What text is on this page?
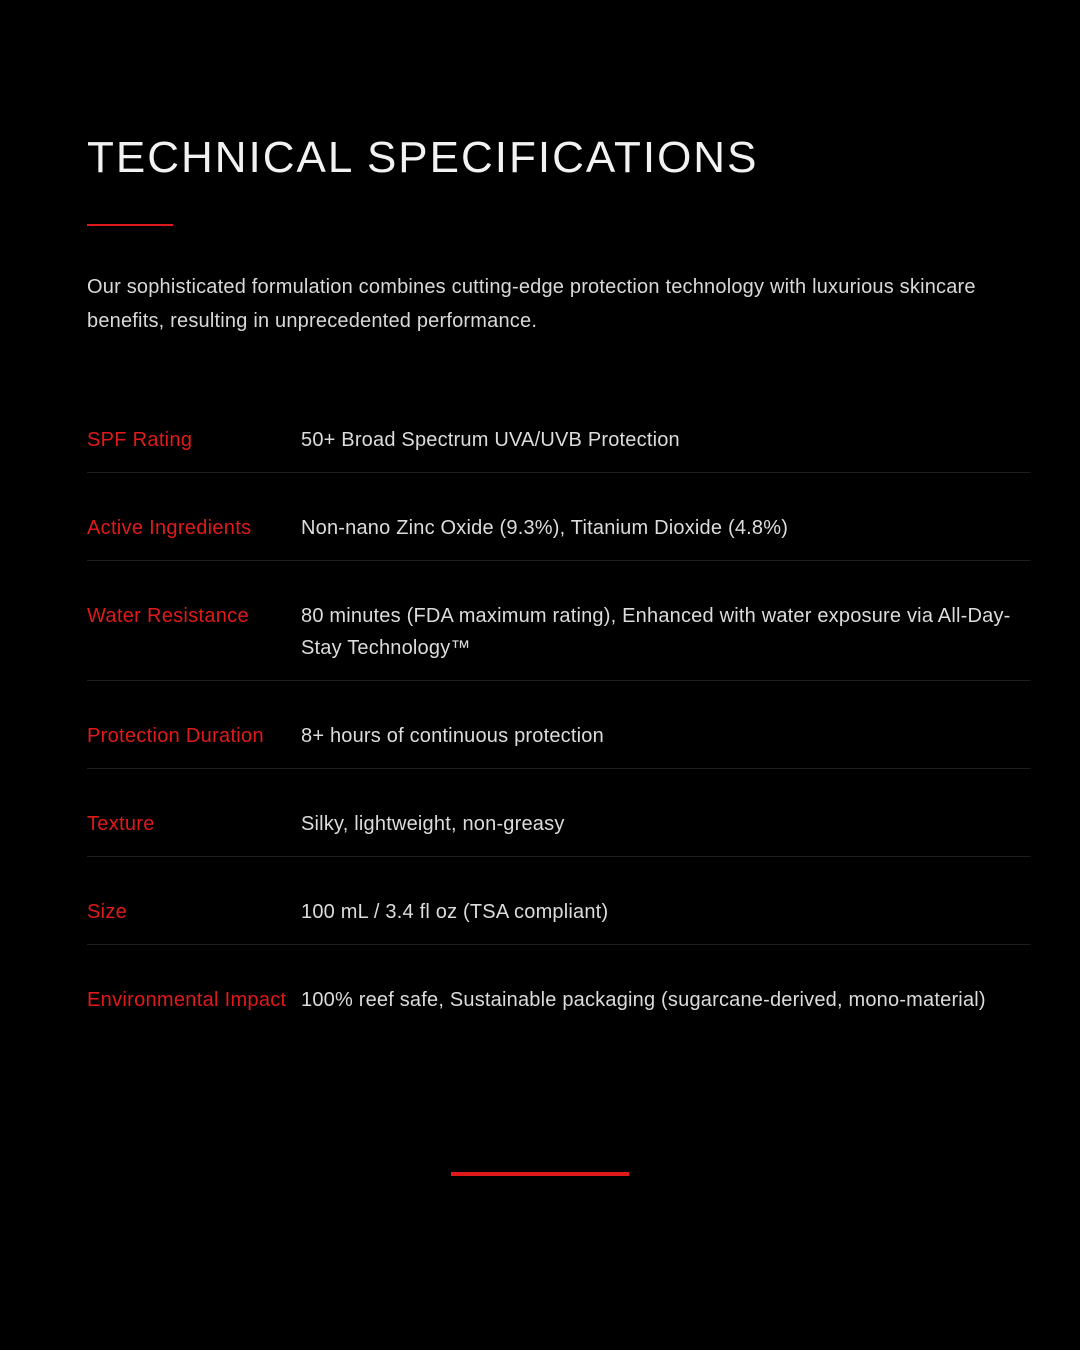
TECHNICAL SPECIFICATIONS

Our sophisticated formulation combines cutting-edge protection technology with luxurious skincare benefits, resulting in unprecedented performance.

SPF Rating	50+ Broad Spectrum UVA/UVB Protection
Active Ingredients	Non-nano Zinc Oxide (9.3%), Titanium Dioxide (4.8%)
Water Resistance	80 minutes (FDA maximum rating), Enhanced with water exposure via All-Day-Stay Technology™
Protection Duration	8+ hours of continuous protection
Texture	Silky, lightweight, non-greasy
Size	100 mL / 3.4 fl oz (TSA compliant)
Environmental Impact 100% reef safe, Sustainable packaging (sugarcane-derived, mono-material)
